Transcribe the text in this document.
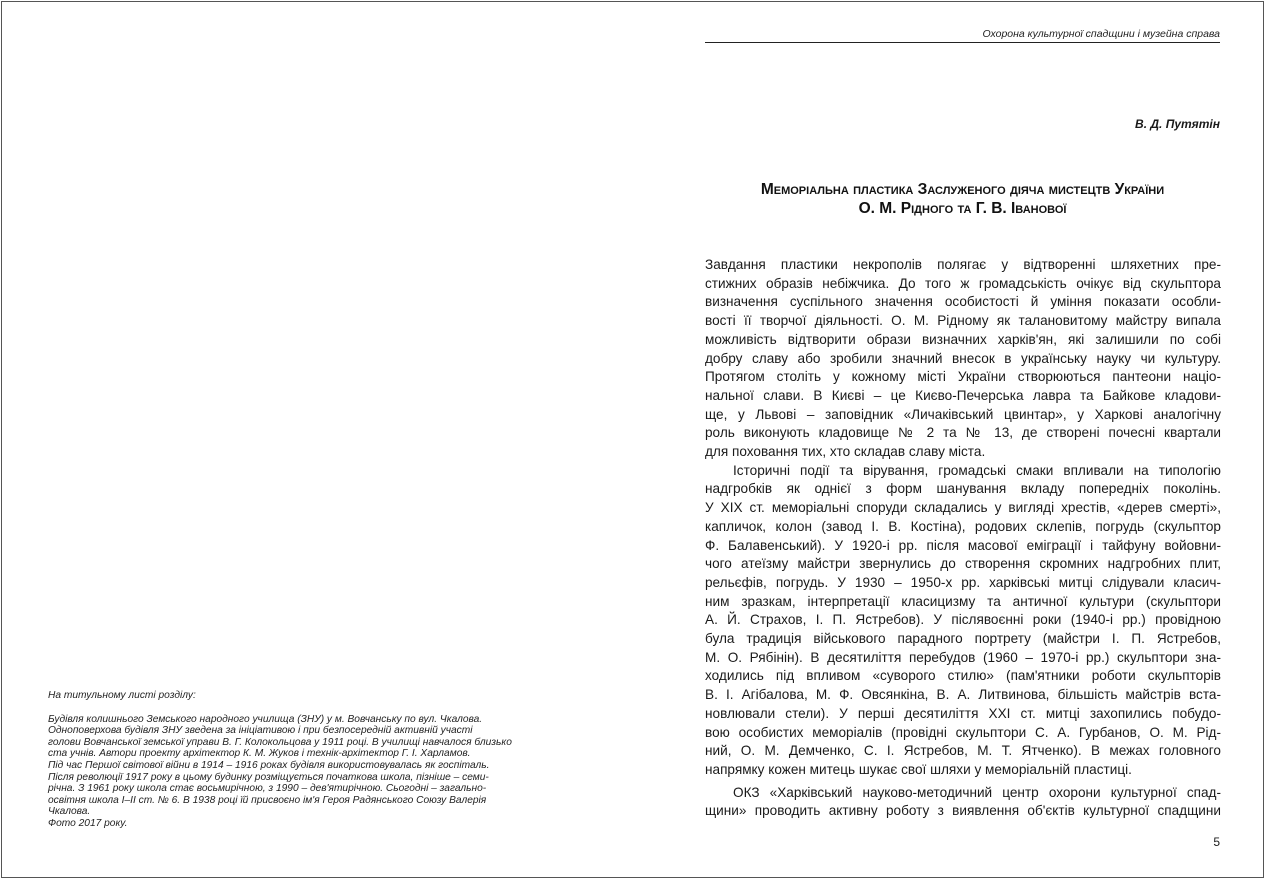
На титульному листі розділу:
Будівля колишнього Земського народного училища (ЗНУ) у м. Вовчанську по вул. Чкалова.
Одноповерхова будівля ЗНУ зведена за ініціативою і при безпосередній активній участі
голови Вовчанської земської управи В. Г. Колокольцова у 1911 році. В училищі навчалося близько
ста учнів. Автори проекту архітектор К. М. Жуков і технік-архітектор Г. І. Харламов.
Під час Першої світової війни в 1914 – 1916 роках будівля використовувалась як госпіталь.
Після революції 1917 року в цьому будинку розміщується початкова школа, пізніше – семи-
річна. З 1961 року школа стає восьмирічною, з 1990 – дев'ятирічною. Сьогодні – загально-
освітня школа І–ІІ ст. № 6. В 1938 році їй присвоєно ім'я Героя Радянського Союзу Валерія
Чкалова.
Фото 2017 року.
Охорона культурної спадщини і музейна справа
В. Д. Путятін
Меморіальна пластика Заслуженого діяча мистецтв України
О. М. Рідного та Г. В. Іванової
Завдання пластики некрополів полягає у відтворенні шляхетних пре-
стижних образів небіжчика. До того ж громадськість очікує від скульптора
визначення суспільного значення особистості й уміння показати особли-
вості її творчої діяльності. О. М. Рідному як талановитому майстру випала
можливість відтворити образи визначних харків'ян, які залишили по собі
добру славу або зробили значний внесок в українську науку чи культуру.
Протягом століть у кожному місті України створюються пантеони націо-
нальної слави. В Києві – це Києво-Печерська лавра та Байкове кладови-
ще, у Львові – заповідник «Личаківський цвинтар», у Харкові аналогічну
роль виконують кладовище № 2 та № 13, де створені почесні квартали
для поховання тих, хто складав славу міста.
Історичні події та вірування, громадські смаки впливали на типологію
надгробків як однієї з форм шанування вкладу попередніх поколінь.
У XIX ст. меморіальні споруди складались у вигляді хрестів, «дерев смерті»,
капличок, колон (завод І. В. Костіна), родових склепів, погрудь (скульптор
Ф. Балавенський). У 1920-і рр. після масової еміграції і тайфуну войовни-
чого атеїзму майстри звернулись до створення скромних надгробних плит,
рельєфів, погрудь. У 1930 – 1950-х рр. харківські митці слідували класич-
ним зразкам, інтерпретації класицизму та античної культури (скульптори
А. Й. Страхов, І. П. Ястребов). У післявоєнні роки (1940-і рр.) провідною
була традиція військового парадного портрету (майстри І. П. Ястребов,
М. О. Рябінін). В десятиліття перебудов (1960 – 1970-і рр.) скульптори зна-
ходились під впливом «суворого стилю» (пам'ятники роботи скульпторів
В. І. Агібалова, М. Ф. Овсянкіна, В. А. Литвинова, більшість майстрів вста-
новлювали стели). У перші десятиліття XXI ст. митці захопились побудо-
вою особистих меморіалів (провідні скульптори С. А. Гурбанов, О. М. Рід-
ний, О. М. Демченко, С. І. Ястребов, М. Т. Ятченко). В межах головного
напрямку кожен митець шукає свої шляхи у меморіальній пластиці.
ОКЗ «Харківський науково-методичний центр охорони культурної спад-
щини» проводить активну роботу з виявлення об'єктів культурної спадщини
5
